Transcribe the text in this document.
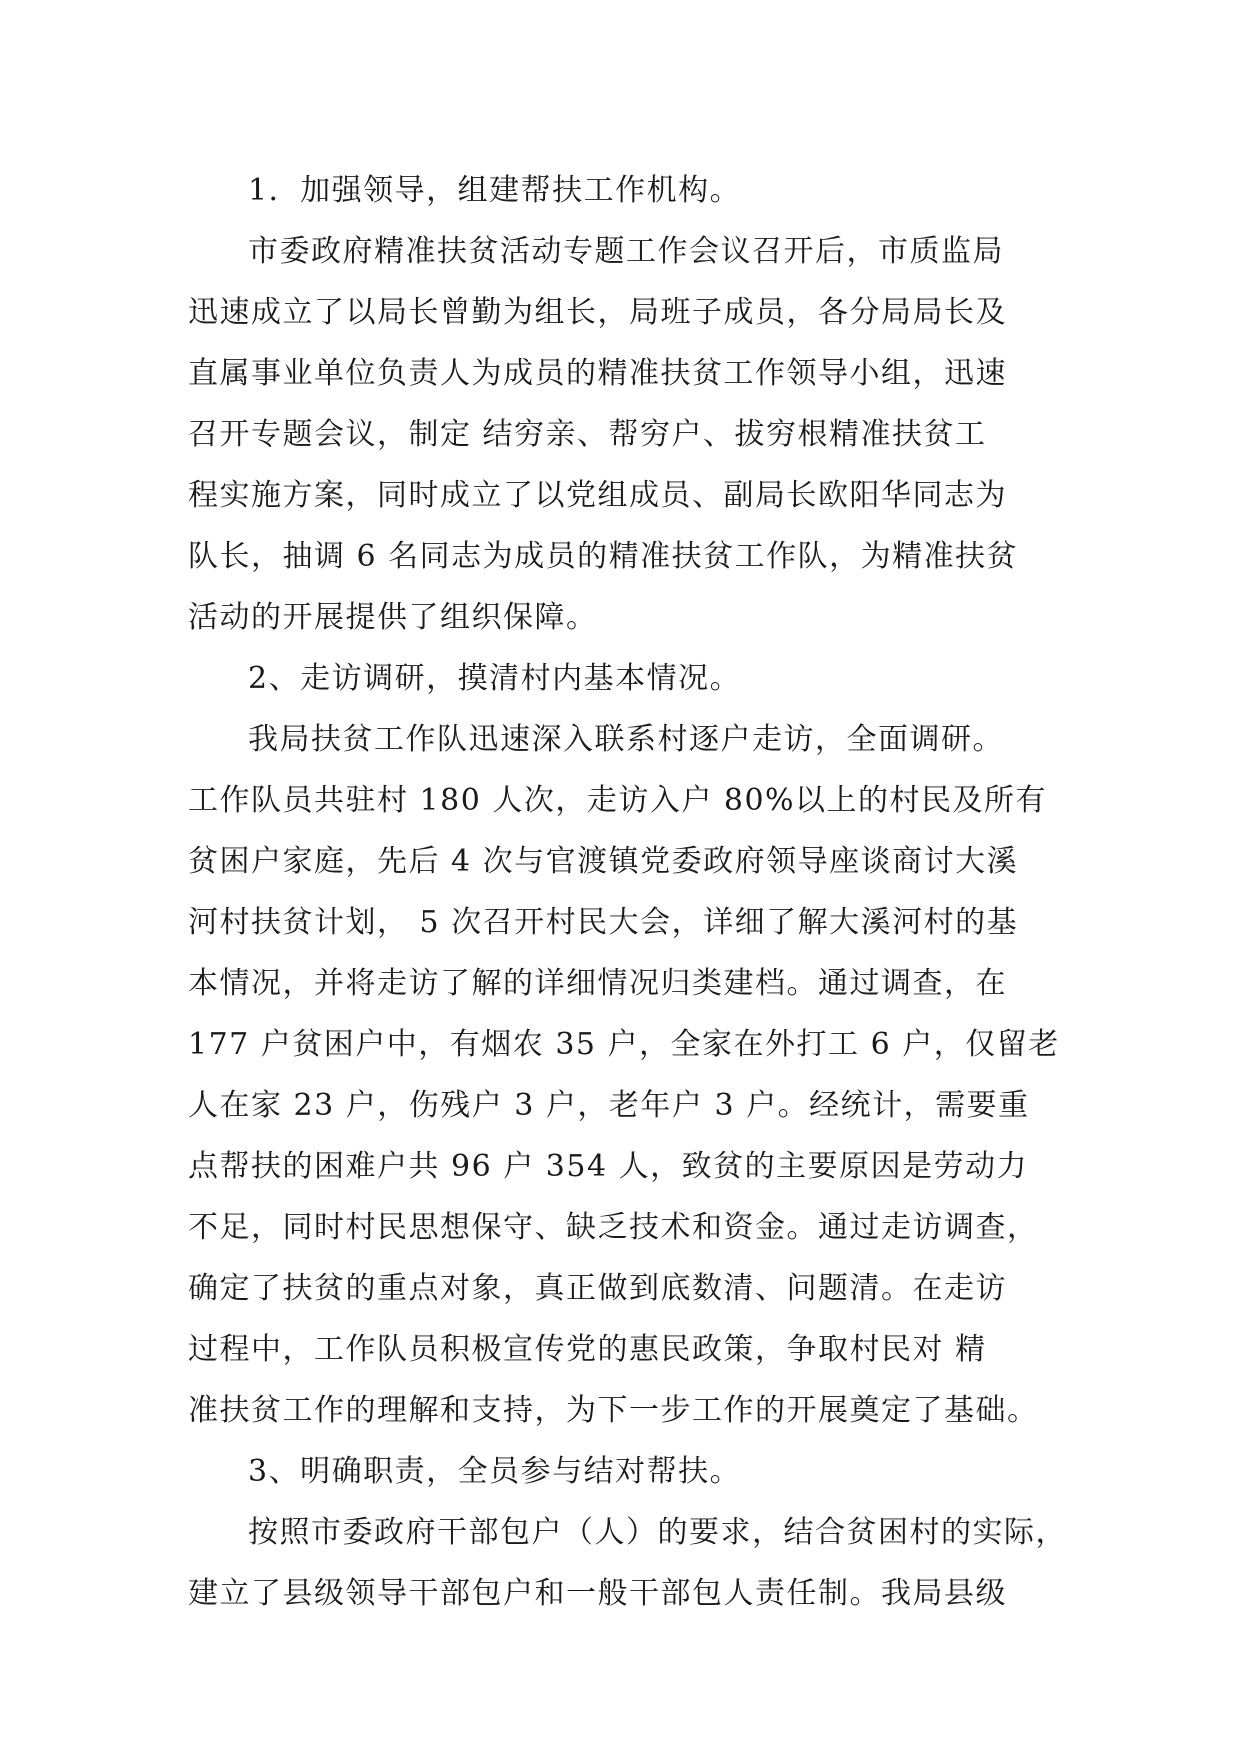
1．加强领导，组建帮扶工作机构。
市委政府精准扶贫活动专题工作会议召开后，市质监局
迅速成立了以局长曾勤为组长，局班子成员，各分局局长及
直属事业单位负责人为成员的精准扶贫工作领导小组，迅速
召开专题会议，制定 结穷亲、帮穷户、拔穷根精准扶贫工
程实施方案，同时成立了以党组成员、副局长欧阳华同志为
队长，抽调 6 名同志为成员的精准扶贫工作队，为精准扶贫
活动的开展提供了组织保障。
2、走访调研，摸清村内基本情况。
我局扶贫工作队迅速深入联系村逐户走访，全面调研。
工作队员共驻村 180 人次，走访入户 80%以上的村民及所有
贫困户家庭，先后 4 次与官渡镇党委政府领导座谈商讨大溪
河村扶贫计划， 5 次召开村民大会，详细了解大溪河村的基
本情况，并将走访了解的详细情况归类建档。通过调查，在
177 户贫困户中，有烟农 35 户，全家在外打工 6 户，仅留老
人在家 23 户，伤残户 3 户，老年户 3 户。经统计，需要重
点帮扶的困难户共 96 户 354 人，致贫的主要原因是劳动力
不足，同时村民思想保守、缺乏技术和资金。通过走访调查，
确定了扶贫的重点对象，真正做到底数清、问题清。在走访
过程中，工作队员积极宣传党的惠民政策，争取村民对 精
准扶贫工作的理解和支持，为下一步工作的开展奠定了基础。
3、明确职责，全员参与结对帮扶。
按照市委政府干部包户（人）的要求，结合贫困村的实际，
建立了县级领导干部包户和一般干部包人责任制。我局县级
